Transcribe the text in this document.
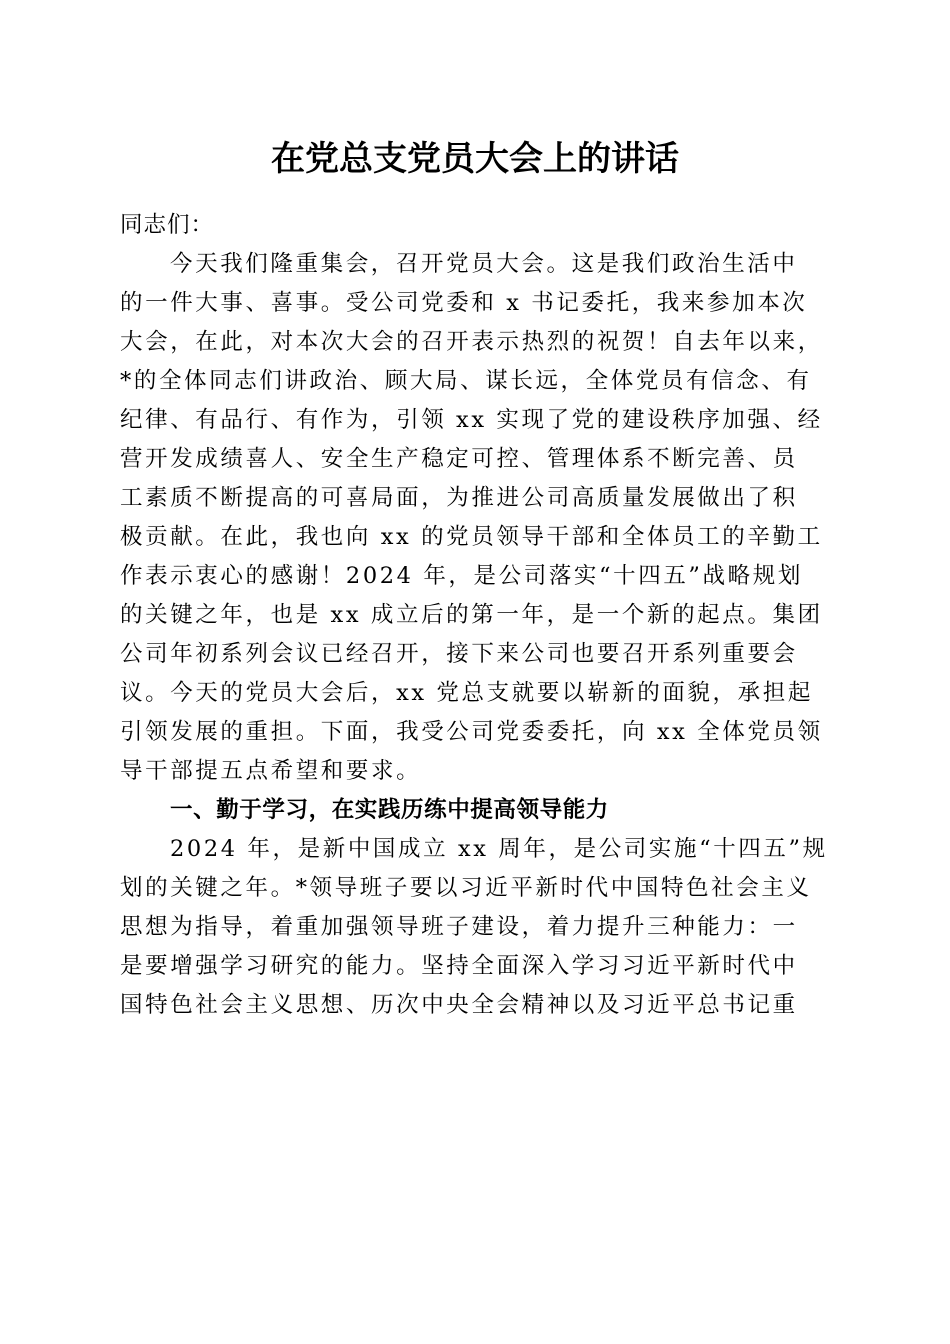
在党总支党员大会上的讲话
同志们：
今天我们隆重集会，召开党员大会。这是我们政治生活中
的一件大事、喜事。受公司党委和 x 书记委托，我来参加本次
大会，在此，对本次大会的召开表示热烈的祝贺！自去年以来，
*的全体同志们讲政治、顾大局、谋长远，全体党员有信念、有
纪律、有品行、有作为，引领 xx 实现了党的建设秩序加强、经
营开发成绩喜人、安全生产稳定可控、管理体系不断完善、员
工素质不断提高的可喜局面，为推进公司高质量发展做出了积
极贡献。在此，我也向 xx 的党员领导干部和全体员工的辛勤工
作表示衷心的感谢！2024 年，是公司落实“十四五”战略规划
的关键之年，也是 xx 成立后的第一年，是一个新的起点。集团
公司年初系列会议已经召开，接下来公司也要召开系列重要会
议。今天的党员大会后，xx 党总支就要以崭新的面貌，承担起
引领发展的重担。下面，我受公司党委委托，向 xx 全体党员领
导干部提五点希望和要求。
一、勤于学习，在实践历练中提高领导能力
2024 年，是新中国成立 xx 周年，是公司实施“十四五”规
划的关键之年。*领导班子要以习近平新时代中国特色社会主义
思想为指导，着重加强领导班子建设，着力提升三种能力：一
是要增强学习研究的能力。坚持全面深入学习习近平新时代中
国特色社会主义思想、历次中央全会精神以及习近平总书记重
